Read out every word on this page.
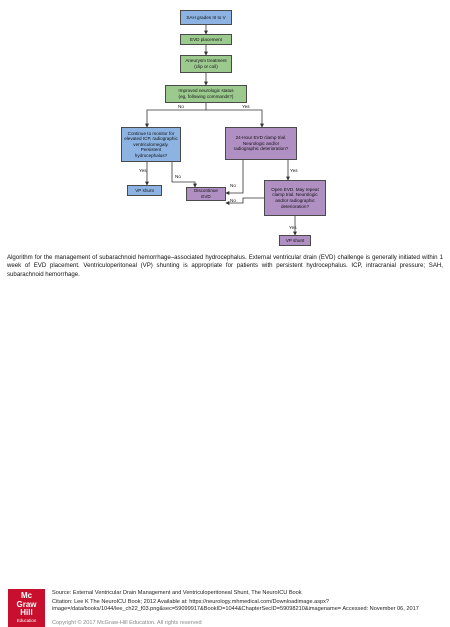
SAH grades III to V
EVD placement
Aneurysm treatment
(clip or coil)
Improved neurologic status
(eg, following commands?)
Continue to monitor for
elevated ICP, radiographic
ventriculomegaly. Persistent
hydrocephalus?
24-Hour EVD clamp trial.
Neurologic and/or
radiographic deterioration?
VP shunt	Discontinue EVD
Open EVD. May repeat
clamp trial. Neurologic
and/or radiographic
deterioration?
VP shunt
No	Yes
Yes
No
No
Yes
No
Yes
Algorithm for the management of subarachnoid hemorrhage–associated hydrocephalus. External ventricular drain (EVD) challenge is generally initiated within 1 week of EVD placement. Ventriculoperitoneal (VP) shunting is appropriate for patients with persistent hydrocephalus. ICP, intracranial pressure; SAH, subarachnoid hemorrhage.
Mc
Graw
Hill
Education
Source: External Ventricular Drain Management and Ventriculoperitoneal Shunt, The NeuroICU Book
Citation: Lee K The NeuroICU Book; 2012 Available at: https://neurology.mhmedical.com/Downloadimage.aspx?image=/data/books/1044/lee_ch22_f03.png&sec=59099917&BookID=1044&ChapterSecID=59098210&imagename= Accessed: November 06, 2017
Copyright © 2017 McGraw-Hill Education. All rights reserved
